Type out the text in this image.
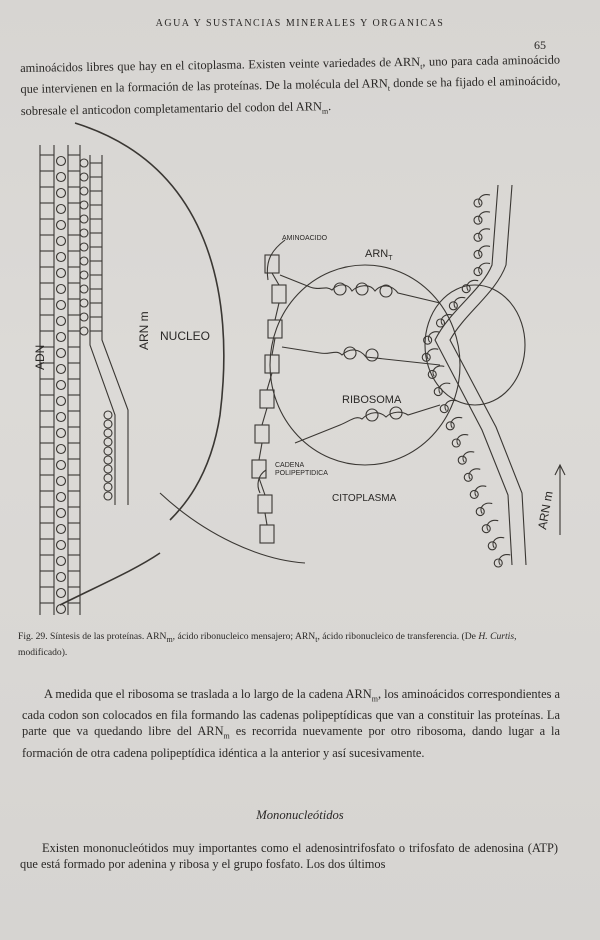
AGUA Y SUSTANCIAS MINERALES Y ORGANICAS
65
aminoácidos libres que hay en el citoplasma. Existen veinte variedades de $ARN_t$, uno para cada aminoácido que intervienen en la formación de las proteínas. De la molécula del $ARN_t$ donde se ha fijado el aminoácido, sobresale el anticodon completamentario del codon del $ARN_m$.
ADN
ARN m NUCLEO
AMINOACIDO
$ARN_T$
RIBOSOMA
CADENA
POLIPEPTIDICA
CITOPLASMA	ARN m
Fig. 29. Síntesis de las proteínas. $ARN_m$, ácido ribonucleico mensajero; $ARN_t$, ácido ribonucleico de transferencia. (De H. Curtis, modificado).
A medida que el ribosoma se traslada a lo largo de la cadena $ARN_m$, los aminoácidos correspondientes a cada codon son colocados en fila formando las cadenas polipeptídicas que van a constituir las proteínas. La parte que va quedando libre del $ARN_m$ es recorrida nuevamente por otro ribosoma, dando lugar a la formación de otra cadena polipeptídica idéntica a la anterior y así sucesivamente.
Mononucleótidos
Existen mononucleótidos muy importantes como el adenosintrifosfato o trifosfato de adenosina (ATP) que está formado por adenina y ribosa y el grupo fosfato. Los dos últimos
